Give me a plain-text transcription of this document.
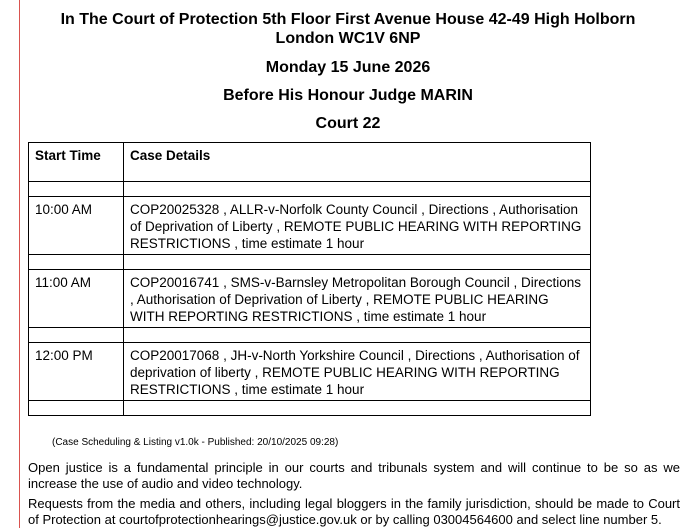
In The Court of Protection 5th Floor First Avenue House 42-49 High Holborn
London WC1V 6NP
Monday 15 June 2026
Before His Honour Judge MARIN
Court 22
Start Time	Case Details

10:00 AM	COP20025328 , ALLR-v-Norfolk County Council , Directions , Authorisation of Deprivation of Liberty , REMOTE PUBLIC HEARING WITH REPORTING RESTRICTIONS , time estimate 1 hour

11:00 AM	COP20016741 , SMS-v-Barnsley Metropolitan Borough Council , Directions , Authorisation of Deprivation of Liberty , REMOTE PUBLIC HEARING WITH REPORTING RESTRICTIONS , time estimate 1 hour

12:00 PM	COP20017068 , JH-v-North Yorkshire Council , Directions , Authorisation of deprivation of liberty , REMOTE PUBLIC HEARING WITH REPORTING RESTRICTIONS , time estimate 1 hour

(Case Scheduling & Listing v1.0k - Published: 20/10/2025 09:28)
Open justice is a fundamental principle in our courts and tribunals system and will continue to be so as we increase the use of audio and video technology.
Requests from the media and others, including legal bloggers in the family jurisdiction, should be made to Court of Protection at courtofprotectionhearings@justice.gov.uk or by calling 03004564600 and select line number 5.
